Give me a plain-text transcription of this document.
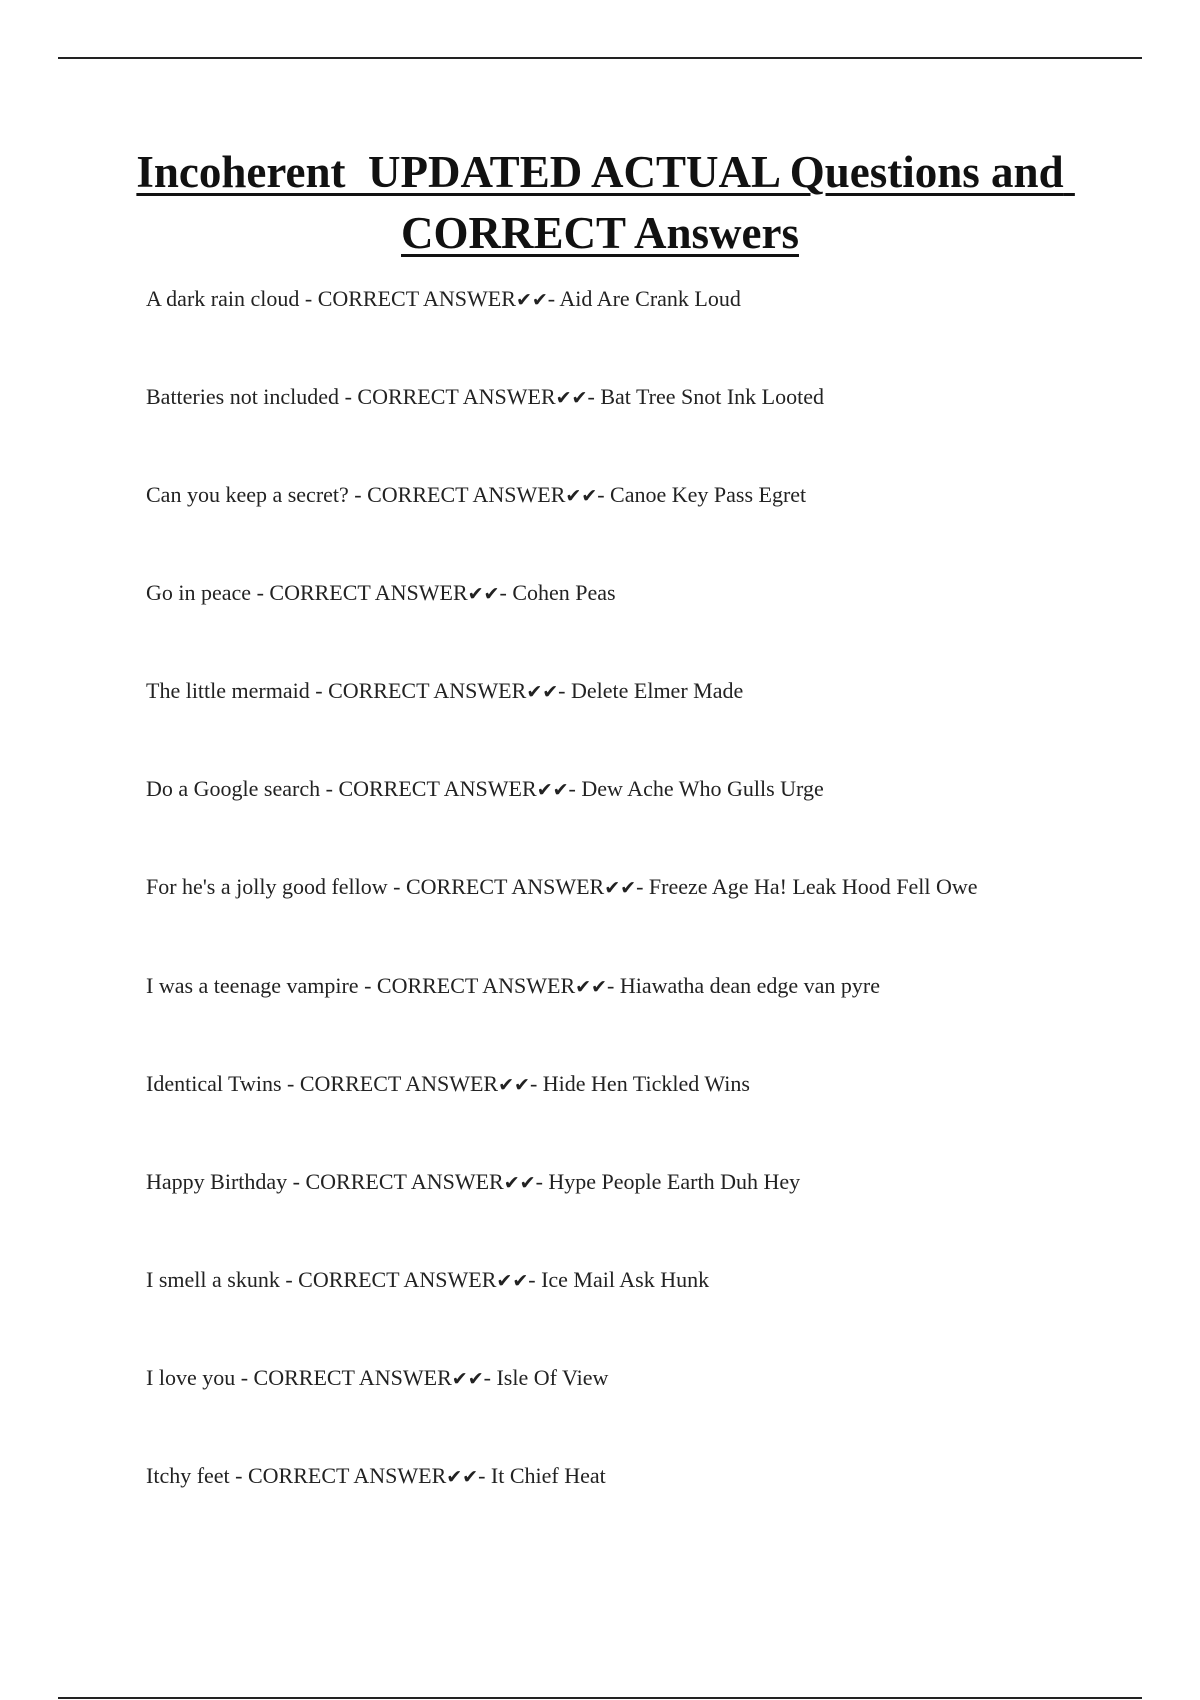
Incoherent  UPDATED ACTUAL Questions and CORRECT Answers
A dark rain cloud - CORRECT ANSWER✔✔- Aid Are Crank Loud
Batteries not included - CORRECT ANSWER✔✔- Bat Tree Snot Ink Looted
Can you keep a secret? - CORRECT ANSWER✔✔- Canoe Key Pass Egret
Go in peace - CORRECT ANSWER✔✔- Cohen Peas
The little mermaid - CORRECT ANSWER✔✔- Delete Elmer Made
Do a Google search - CORRECT ANSWER✔✔- Dew Ache Who Gulls Urge
For he's a jolly good fellow - CORRECT ANSWER✔✔- Freeze Age Ha! Leak Hood Fell Owe
I was a teenage vampire - CORRECT ANSWER✔✔- Hiawatha dean edge van pyre
Identical Twins - CORRECT ANSWER✔✔- Hide Hen Tickled Wins
Happy Birthday - CORRECT ANSWER✔✔- Hype People Earth Duh Hey
I smell a skunk - CORRECT ANSWER✔✔- Ice Mail Ask Hunk
I love you - CORRECT ANSWER✔✔- Isle Of View
Itchy feet - CORRECT ANSWER✔✔- It Chief Heat
